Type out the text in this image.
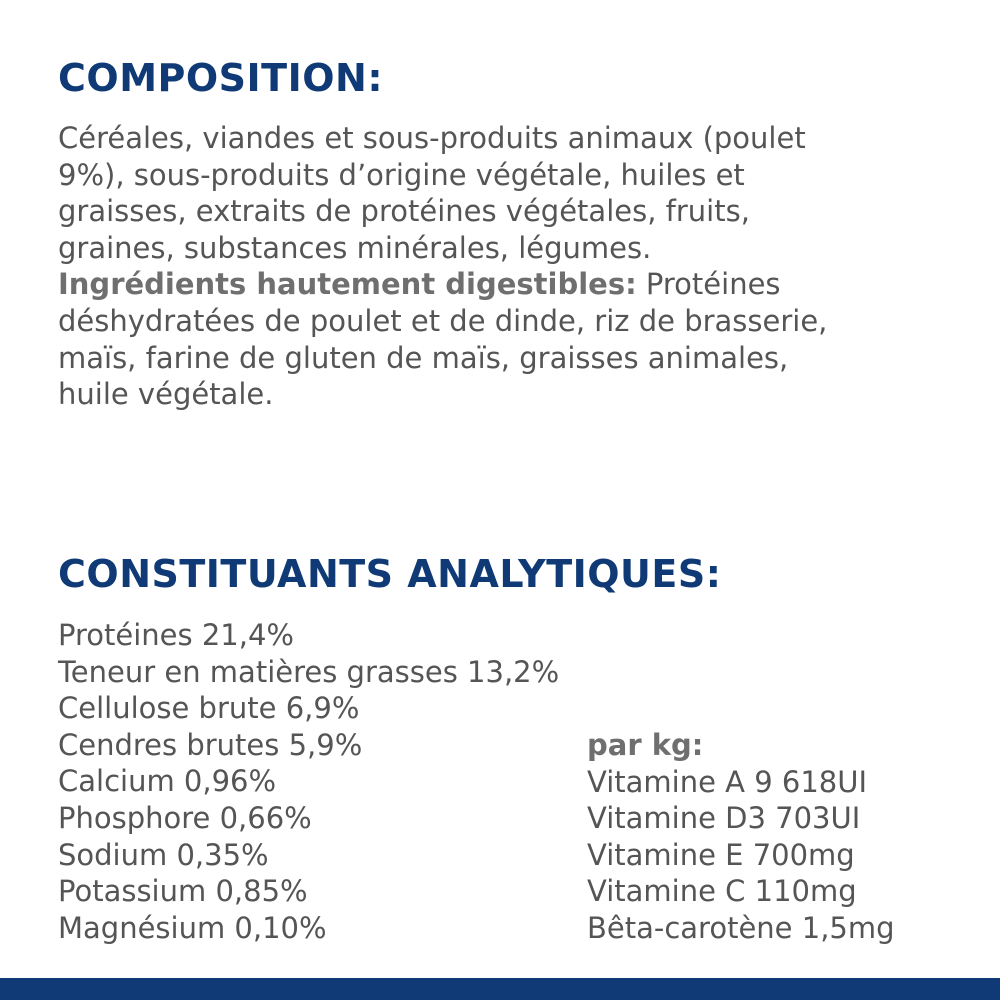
COMPOSITION:

Céréales, viandes et sous-produits animaux (poulet
9%), sous-produits d’origine végétale, huiles et
graisses, extraits de protéines végétales, fruits,
graines, substances minérales, légumes.
Ingrédients hautement digestibles: Protéines
déshydratées de poulet et de dinde, riz de brasserie,
maïs, farine de gluten de maïs, graisses animales,
huile végétale.

CONSTITUANTS ANALYTIQUES:
Protéines 21,4%
Teneur en matières grasses 13,2%
Cellulose brute 6,9%
Cendres brutes 5,9%
Calcium 0,96%
Phosphore 0,66%
Sodium 0,35%
Potassium 0,85%
Magnésium 0,10%
par kg:
Vitamine A 9 618UI
Vitamine D3 703UI
Vitamine E 700mg
Vitamine C 110mg
Bêta-carotène 1,5mg
